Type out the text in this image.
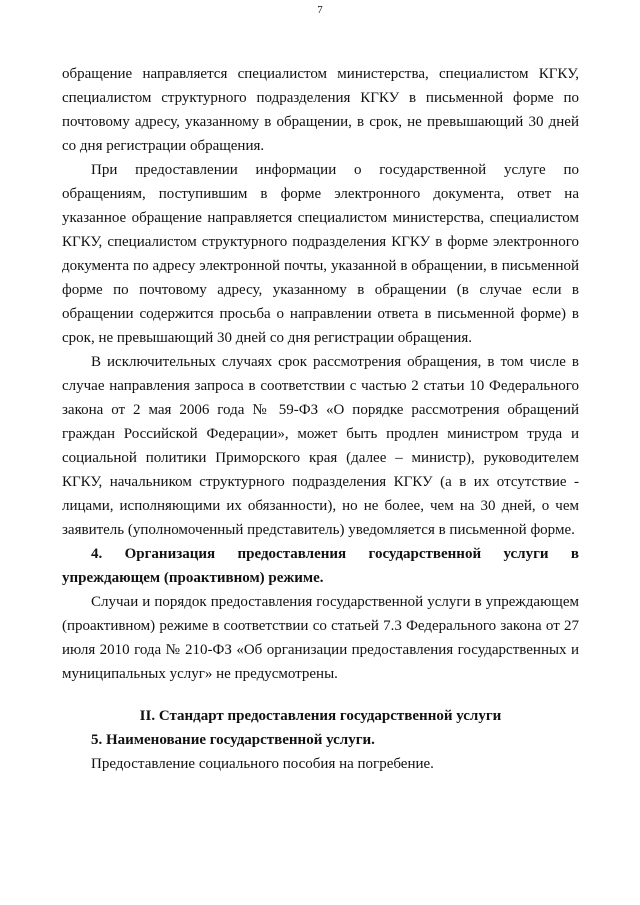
7

обращение направляется специалистом министерства, специалистом КГКУ, специалистом структурного подразделения КГКУ в письменной форме по почтовому адресу, указанному в обращении, в срок, не превышающий 30 дней со дня регистрации обращения.

При предоставлении информации о государственной услуге по обращениям, поступившим в форме электронного документа, ответ на указанное обращение направляется специалистом министерства, специалистом КГКУ, специалистом структурного подразделения КГКУ в форме электронного документа по адресу электронной почты, указанной в обращении, в письменной форме по почтовому адресу, указанному в обращении (в случае если в обращении содержится просьба о направлении ответа в письменной форме) в срок, не превышающий 30 дней со дня регистрации обращения.

В исключительных случаях срок рассмотрения обращения, в том числе в случае направления запроса в соответствии с частью 2 статьи 10 Федерального закона от 2 мая 2006 года № 59-ФЗ «О порядке рассмотрения обращений граждан Российской Федерации», может быть продлен министром труда и социальной политики Приморского края (далее – министр), руководителем КГКУ, начальником структурного подразделения КГКУ (а в их отсутствие - лицами, исполняющими их обязанности), но не более, чем на 30 дней, о чем заявитель (уполномоченный представитель) уведомляется в письменной форме.

4. Организация предоставления государственной услуги в упреждающем (проактивном) режиме.

Случаи и порядок предоставления государственной услуги в упреждающем (проактивном) режиме в соответствии со статьей 7.3 Федерального закона от 27 июля 2010 года № 210-ФЗ «Об организации предоставления государственных и муниципальных услуг» не предусмотрены.

II. Стандарт предоставления государственной услуги

5. Наименование государственной услуги.

Предоставление социального пособия на погребение.
